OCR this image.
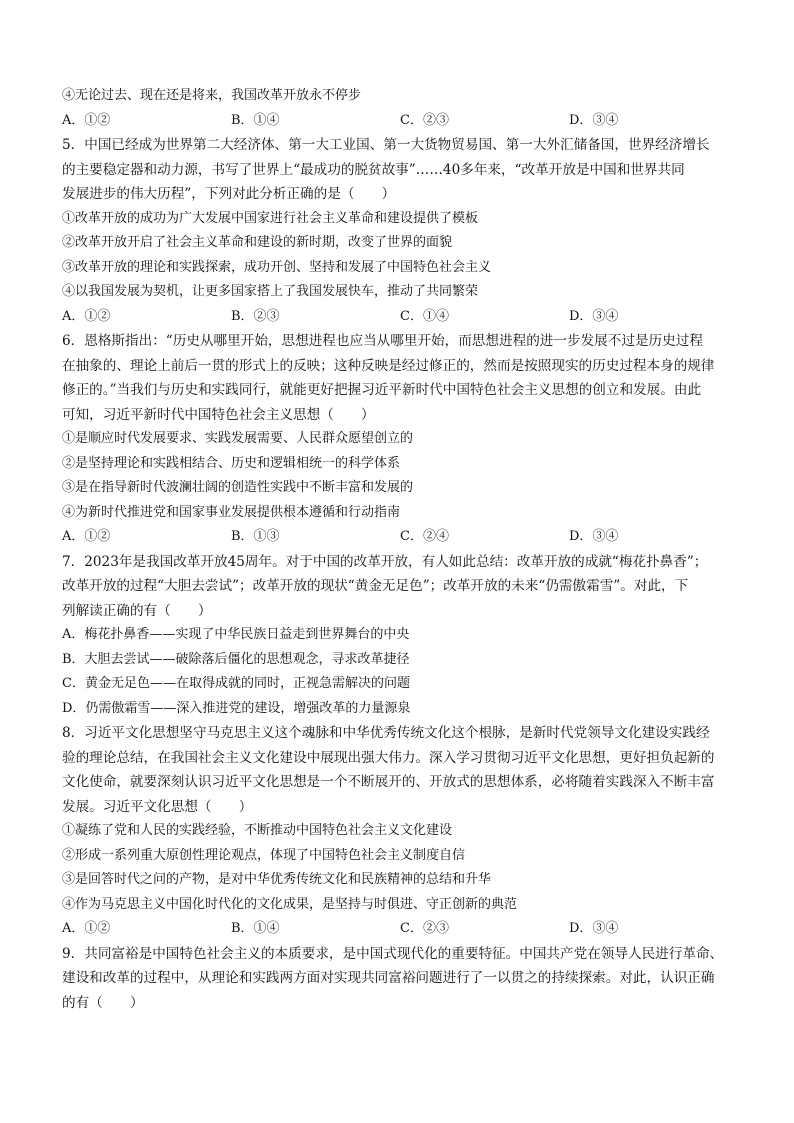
④无论过去、现在还是将来，我国改革开放永不停步
A．①②	B．①④	C．②③	D．③④
5．中国已经成为世界第二大经济体、第一大工业国、第一大货物贸易国、第一大外汇储备国，世界经济增长
的主要稳定器和动力源，书写了世界上“最成功的脱贫故事”……40多年来，“改革开放是中国和世界共同
发展进步的伟大历程”，下列对此分析正确的是（　　）
①改革开放的成功为广大发展中国家进行社会主义革命和建设提供了模板
②改革开放开启了社会主义革命和建设的新时期，改变了世界的面貌
③改革开放的理论和实践探索，成功开创、坚持和发展了中国特色社会主义
④以我国发展为契机，让更多国家搭上了我国发展快车，推动了共同繁荣
A．①②	B．②③	C．①④	D．③④
6．恩格斯指出：“历史从哪里开始，思想进程也应当从哪里开始，而思想进程的进一步发展不过是历史过程
在抽象的、理论上前后一贯的形式上的反映；这种反映是经过修正的，然而是按照现实的历史过程本身的规律
修正的。”当我们与历史和实践同行，就能更好把握习近平新时代中国特色社会主义思想的创立和发展。由此
可知，习近平新时代中国特色社会主义思想（　　）
①是顺应时代发展要求、实践发展需要、人民群众愿望创立的
②是坚持理论和实践相结合、历史和逻辑相统一的科学体系
③是在指导新时代波澜壮阔的创造性实践中不断丰富和发展的
④为新时代推进党和国家事业发展提供根本遵循和行动指南
A．①②	B．①③	C．②④	D．③④
7．2023年是我国改革开放45周年。对于中国的改革开放，有人如此总结：改革开放的成就“梅花扑鼻香”；
改革开放的过程“大胆去尝试”；改革开放的现状“黄金无足色”；改革开放的未来“仍需傲霜雪”。对此，下
列解读正确的有（　　）
A．梅花扑鼻香——实现了中华民族日益走到世界舞台的中央
B．大胆去尝试——破除落后僵化的思想观念，寻求改革捷径
C．黄金无足色——在取得成就的同时，正视急需解决的问题
D．仍需傲霜雪——深入推进党的建设，增强改革的力量源泉
8．习近平文化思想坚守马克思主义这个魂脉和中华优秀传统文化这个根脉，是新时代党领导文化建设实践经
验的理论总结，在我国社会主义文化建设中展现出强大伟力。深入学习贯彻习近平文化思想，更好担负起新的
文化使命，就要深刻认识习近平文化思想是一个不断展开的、开放式的思想体系，必将随着实践深入不断丰富
发展。习近平文化思想（　　）
①凝练了党和人民的实践经验，不断推动中国特色社会主义文化建设
②形成一系列重大原创性理论观点，体现了中国特色社会主义制度自信
③是回答时代之问的产物，是对中华优秀传统文化和民族精神的总结和升华
④作为马克思主义中国化时代化的文化成果，是坚持与时俱进、守正创新的典范
A．①②	B．①④	C．②③	D．③④
9．共同富裕是中国特色社会主义的本质要求，是中国式现代化的重要特征。中国共产党在领导人民进行革命、
建设和改革的过程中，从理论和实践两方面对实现共同富裕问题进行了一以贯之的持续探索。对此，认识正确
的有（　　）
